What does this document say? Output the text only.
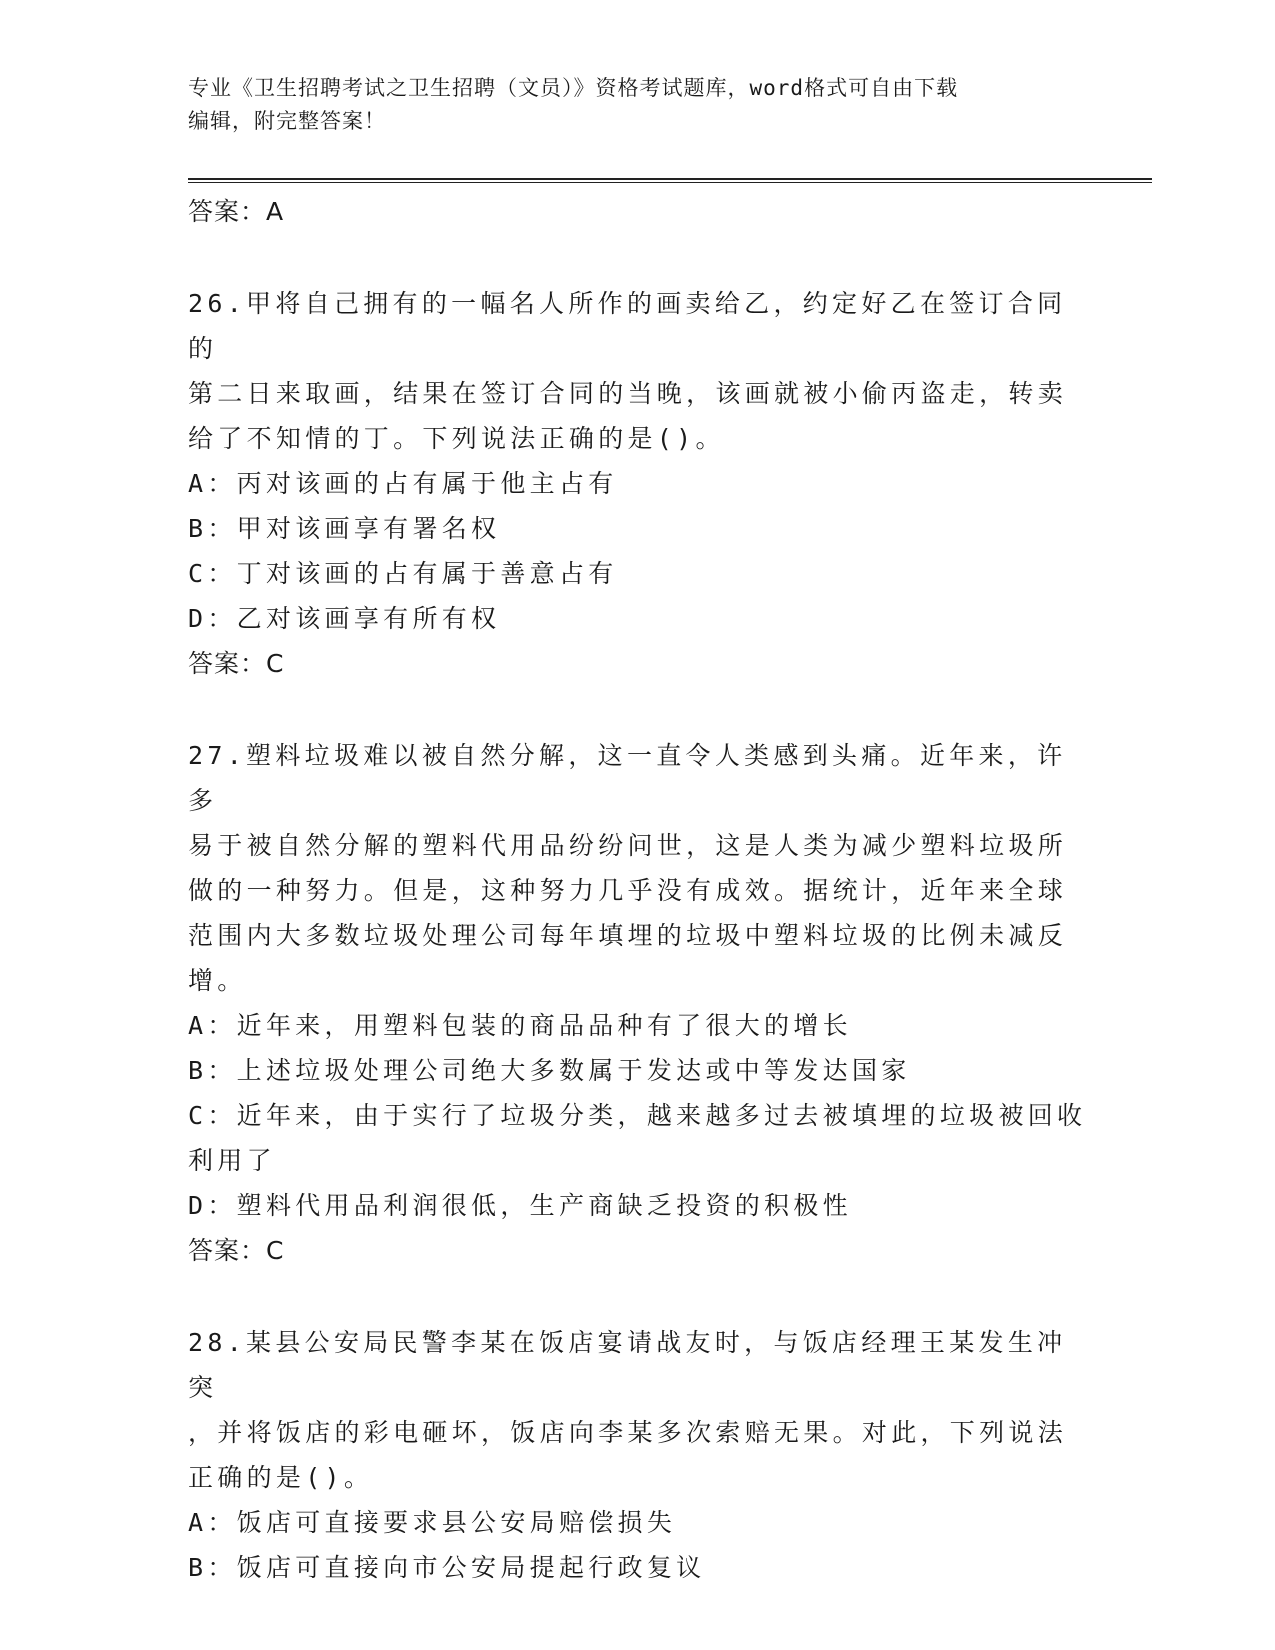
专业《卫生招聘考试之卫生招聘（文员）》资格考试题库，word格式可自由下载
编辑，附完整答案！

答案：A

26.甲将自己拥有的一幅名人所作的画卖给乙，约定好乙在签订合同的

第二日来取画，结果在签订合同的当晚，该画就被小偷丙盗走，转卖

给了不知情的丁。下列说法正确的是()。

A：丙对该画的占有属于他主占有

B：甲对该画享有署名权

C：丁对该画的占有属于善意占有

D：乙对该画享有所有权

答案：C

27.塑料垃圾难以被自然分解，这一直令人类感到头痛。近年来，许多

易于被自然分解的塑料代用品纷纷问世，这是人类为减少塑料垃圾所

做的一种努力。但是，这种努力几乎没有成效。据统计，近年来全球

范围内大多数垃圾处理公司每年填埋的垃圾中塑料垃圾的比例未减反

增。

A：近年来，用塑料包装的商品品种有了很大的增长

B：上述垃圾处理公司绝大多数属于发达或中等发达国家

C：近年来，由于实行了垃圾分类，越来越多过去被填埋的垃圾被回收

利用了

D：塑料代用品利润很低，生产商缺乏投资的积极性

答案：C

28.某县公安局民警李某在饭店宴请战友时，与饭店经理王某发生冲突

，并将饭店的彩电砸坏，饭店向李某多次索赔无果。对此，下列说法

正确的是()。

A：饭店可直接要求县公安局赔偿损失

B：饭店可直接向市公安局提起行政复议
